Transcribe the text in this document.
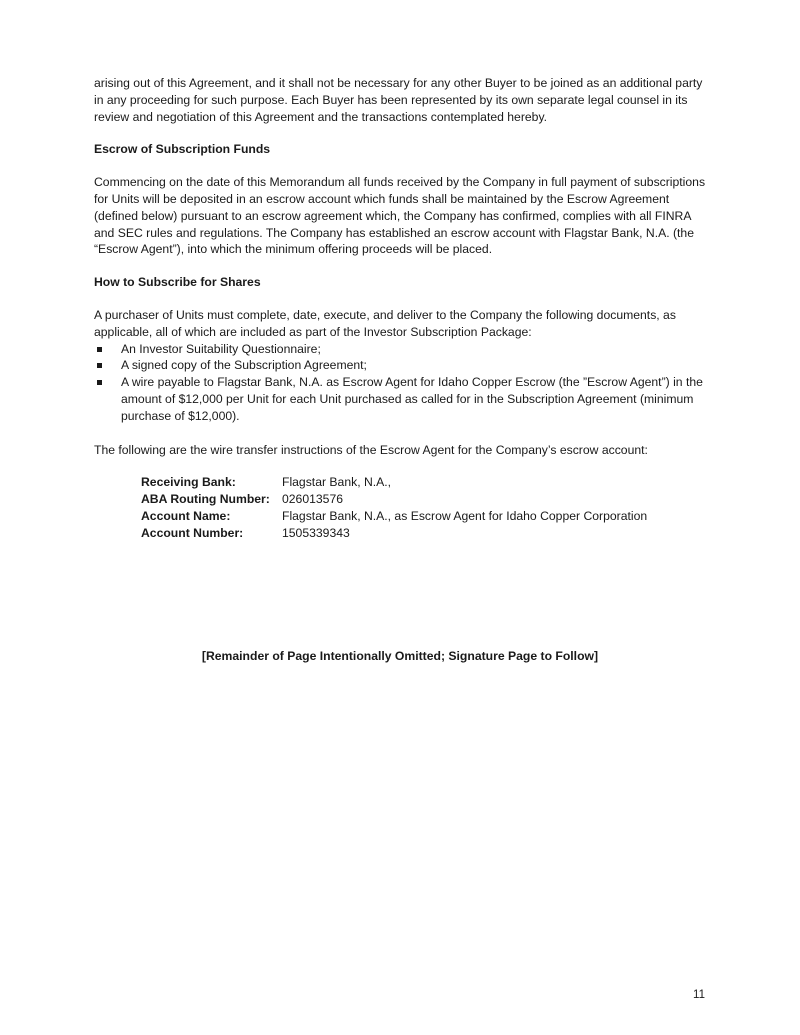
arising out of this Agreement, and it shall not be necessary for any other Buyer to be joined as an additional party in any proceeding for such purpose. Each Buyer has been represented by its own separate legal counsel in its review and negotiation of this Agreement and the transactions contemplated hereby.

Escrow of Subscription Funds

Commencing on the date of this Memorandum all funds received by the Company in full payment of subscriptions for Units will be deposited in an escrow account which funds shall be maintained by the Escrow Agreement (defined below) pursuant to an escrow agreement which, the Company has confirmed, complies with all FINRA and SEC rules and regulations. The Company has established an escrow account with Flagstar Bank, N.A. (the “Escrow Agent”), into which the minimum offering proceeds will be placed.

How to Subscribe for Shares

A purchaser of Units must complete, date, execute, and deliver to the Company the following documents, as applicable, all of which are included as part of the Investor Subscription Package:

An Investor Suitability Questionnaire;
A signed copy of the Subscription Agreement;
A wire payable to Flagstar Bank, N.A. as Escrow Agent for Idaho Copper Escrow (the ”Escrow Agent”) in the amount of $12,000 per Unit for each Unit purchased as called for in the Subscription Agreement (minimum purchase of $12,000).

The following are the wire transfer instructions of the Escrow Agent for the Company’s escrow account:

Receiving Bank:	Flagstar Bank, N.A.,
ABA Routing Number:	026013576
Account Name:	Flagstar Bank, N.A., as Escrow Agent for Idaho Copper Corporation
Account Number:	1505339343
[Remainder of Page Intentionally Omitted; Signature Page to Follow]
11
